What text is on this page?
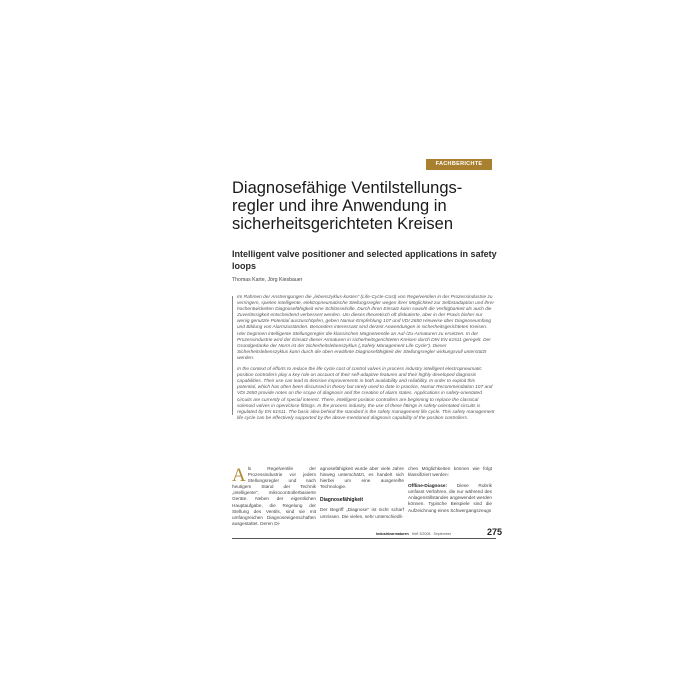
FACHBERICHTE
Diagnosefähige Ventilstellungs-regler und ihre Anwendung in sicherheitsgerichteten Kreisen
Intelligent valve positioner and selected applications in safety loops
Thomas Karte, Jörg Kiesbauer

Im Rahmen der Anstrengungen die „lebenszyklus-kosten“ (Life-Cycle-Cost) von Regelventilen in der Prozessindustrie zu verringern, spielen intelligente, elektropneumatische Stellungsregler wegen ihrer Möglichkeit zur Selbstadaption und ihrer hochentwickelten Diagnosefähigkeit eine Schlüsselrolle. Durch ihren Einsatz kann sowohl die Verfügbarkeit als auch die Zuverlässigkeit entscheidend verbessert werden. Um dieses theoretisch oft diskutierte, aber in der Praxis bisher nur wenig genutzte Potential auszuschöpfen, geben Namur-Empfehlung 107 und VDI 2650 Hinweise über Diagnoseumfang und Bildung von Alarmzuständen. Besonders interessant sind derzeit Anwendungen in sicherheitsgerichteten Kreisen. Hier beginnen intelligente Stellungsregler die klassischen Magnetventile an Auf-/Zu-Armaturen zu ersetzen. In der Prozessindustrie wird der Einsatz dieser Armaturen in sicherheitsgerichteten Kreisen durch DIN EN 61511 geregelt. Der Grundgedanke der Norm ist der Sicherheitslebenszyklus („Safety Management Life Cycle“). Dieser Sicherheitslebenszyklus kann durch die oben erwähnte Diagnosefähigkeit der Stellungsregler wirkungsvoll unterstützt werden.

In the context of efforts to reduce the life cycle cost of control valves in process industry intelligent electropneumatic position controllers play a key role on account of their self-adaptive features and their highly developed diagnosis capabilities. Their use can lead to decisive improvements in both availability and reliability. In order to exploit this potential, which has often been discussed in theory but rarely used to date in practice, Namur Recommendation 107 and VDI 2650 provide notes on the scope of diagnosis and the creation of alarm states. Applications in safety-orientated circuits are currently of special interest. There, intelligent position controllers are beginning to replace the classical solenoid valves in open/close fittings. In the process industry, the use of these fittings in safety-orientated circuits is regulated by EN 61511. The basic idea behind the standard is the safety management life cycle. This safety management life cycle can be effectively supported by the above-mentioned diagnosis capability of the position controllers.

A ls Regelventile der Prozessindustrie vor jedem Stellungsregler und nach heutigem Stand der Technik „intelligente“, mikrocontrollerbasierte Geräte. Neben der eigentlichen Hauptaufgabe, die Regelung der Stellung des Ventils, sind sie mit umfangreichen Diagnoseeigenschaften ausgestattet. Deren Di-

agnosefähigkeit wurde aber viele Jahre hinweg unterschätzt, es handelt sich hierbei um eine ausgereifte Technologie.

Diagnosefähigkeit

Der Begriff „Diagnose“ ist nicht scharf umrissen. Die vielen, sehr unterschiedli-

chen Möglichkeiten können wie folgt klassifiziert werden:

Offline-Diagnose: Diese Rubrik umfasst Verfahren, die nur während des Anlagenstillstandes angewendet werden können. Typische Beispiele sind die Aufzeichnung eines Schwergangszeugs

Industriearmaturen Heft 3/2008 · September	275
